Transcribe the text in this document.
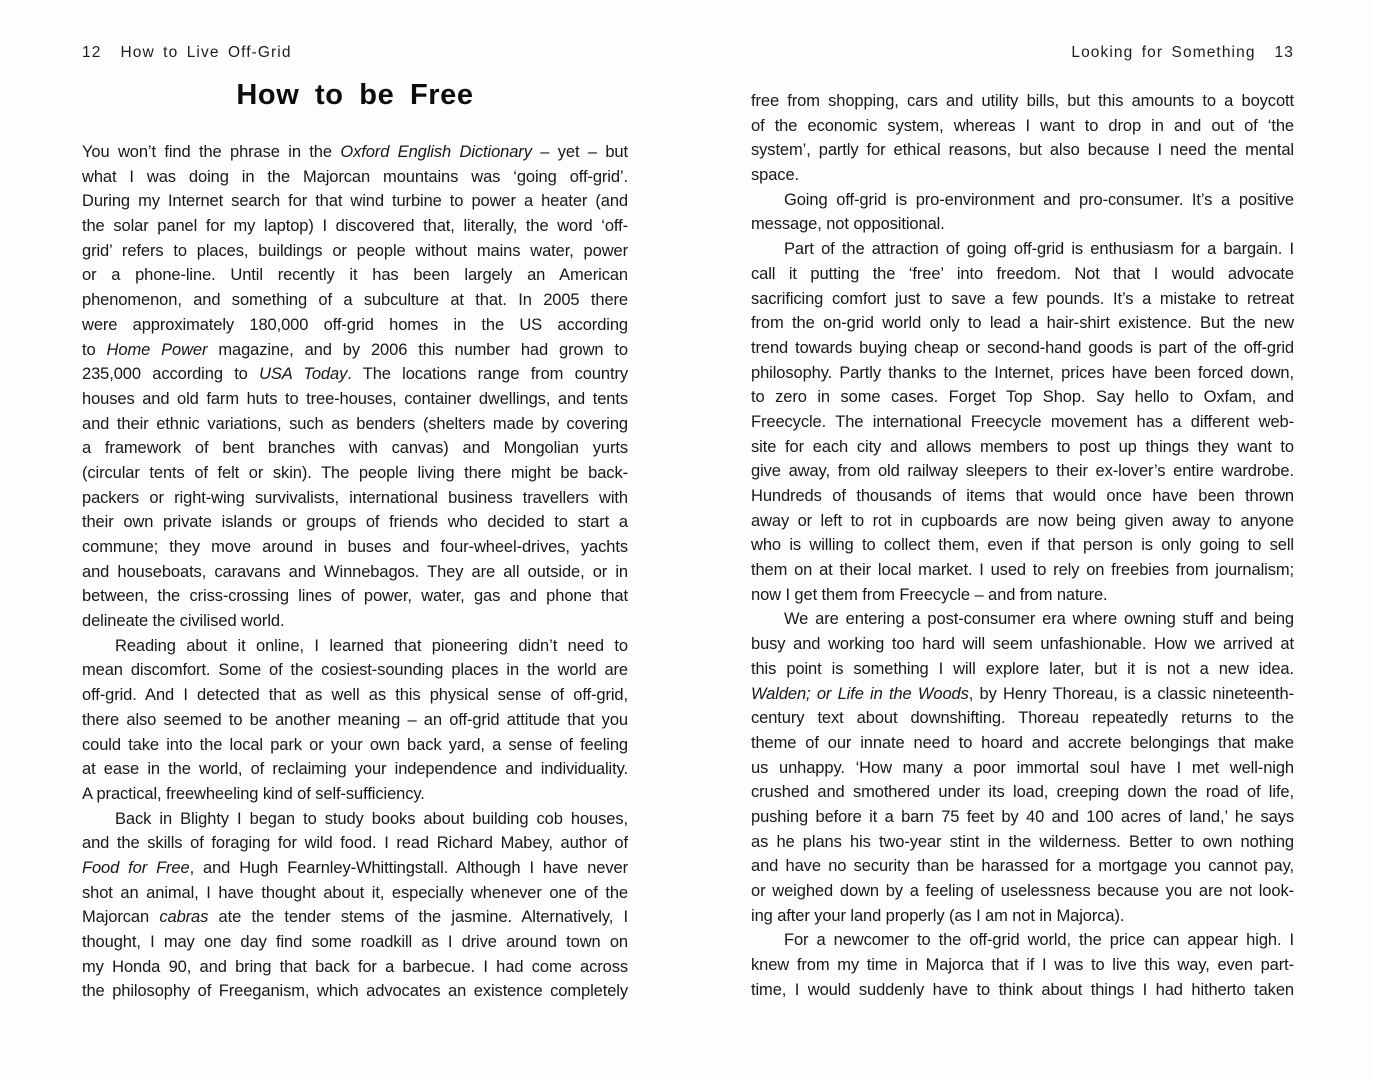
12 How to Live Off-Grid
How to be Free
You won’t find the phrase in the Oxford English Dictionary – yet – but
what I was doing in the Majorcan mountains was ‘going off-grid’.
During my Internet search for that wind turbine to power a heater (and
the solar panel for my laptop) I discovered that, literally, the word ‘off-
grid’ refers to places, buildings or people without mains water, power
or a phone-line. Until recently it has been largely an American
phenomenon, and something of a subculture at that. In 2005 there
were approximately 180,000 off-grid homes in the US according
to Home Power magazine, and by 2006 this number had grown to
235,000 according to USA Today. The locations range from country
houses and old farm huts to tree-houses, container dwellings, and tents
and their ethnic variations, such as benders (shelters made by covering
a framework of bent branches with canvas) and Mongolian yurts
(circular tents of felt or skin). The people living there might be back-
packers or right-wing survivalists, international business travellers with
their own private islands or groups of friends who decided to start a
commune; they move around in buses and four-wheel-drives, yachts
and houseboats, caravans and Winnebagos. They are all outside, or in
between, the criss-crossing lines of power, water, gas and phone that
delineate the civilised world.
Reading about it online, I learned that pioneering didn’t need to
mean discomfort. Some of the cosiest-sounding places in the world are
off-grid. And I detected that as well as this physical sense of off-grid,
there also seemed to be another meaning – an off-grid attitude that you
could take into the local park or your own back yard, a sense of feeling
at ease in the world, of reclaiming your independence and individuality.
A practical, freewheeling kind of self-sufficiency.
Back in Blighty I began to study books about building cob houses,
and the skills of foraging for wild food. I read Richard Mabey, author of
Food for Free, and Hugh Fearnley-Whittingstall. Although I have never
shot an animal, I have thought about it, especially whenever one of the
Majorcan cabras ate the tender stems of the jasmine. Alternatively, I
thought, I may one day find some roadkill as I drive around town on
my Honda 90, and bring that back for a barbecue. I had come across
the philosophy of Freeganism, which advocates an existence completely
Looking for Something 13
free from shopping, cars and utility bills, but this amounts to a boycott
of the economic system, whereas I want to drop in and out of ‘the
system’, partly for ethical reasons, but also because I need the mental
space.
Going off-grid is pro-environment and pro-consumer. It’s a positive
message, not oppositional.
Part of the attraction of going off-grid is enthusiasm for a bargain. I
call it putting the ‘free’ into freedom. Not that I would advocate
sacrificing comfort just to save a few pounds. It’s a mistake to retreat
from the on-grid world only to lead a hair-shirt existence. But the new
trend towards buying cheap or second-hand goods is part of the off-grid
philosophy. Partly thanks to the Internet, prices have been forced down,
to zero in some cases. Forget Top Shop. Say hello to Oxfam, and
Freecycle. The international Freecycle movement has a different web-
site for each city and allows members to post up things they want to
give away, from old railway sleepers to their ex-lover’s entire wardrobe.
Hundreds of thousands of items that would once have been thrown
away or left to rot in cupboards are now being given away to anyone
who is willing to collect them, even if that person is only going to sell
them on at their local market. I used to rely on freebies from journalism;
now I get them from Freecycle – and from nature.
We are entering a post-consumer era where owning stuff and being
busy and working too hard will seem unfashionable. How we arrived at
this point is something I will explore later, but it is not a new idea.
Walden; or Life in the Woods, by Henry Thoreau, is a classic nineteenth-
century text about downshifting. Thoreau repeatedly returns to the
theme of our innate need to hoard and accrete belongings that make
us unhappy. ‘How many a poor immortal soul have I met well-nigh
crushed and smothered under its load, creeping down the road of life,
pushing before it a barn 75 feet by 40 and 100 acres of land,’ he says
as he plans his two-year stint in the wilderness. Better to own nothing
and have no security than be harassed for a mortgage you cannot pay,
or weighed down by a feeling of uselessness because you are not look-
ing after your land properly (as I am not in Majorca).
For a newcomer to the off-grid world, the price can appear high. I
knew from my time in Majorca that if I was to live this way, even part-
time, I would suddenly have to think about things I had hitherto taken
